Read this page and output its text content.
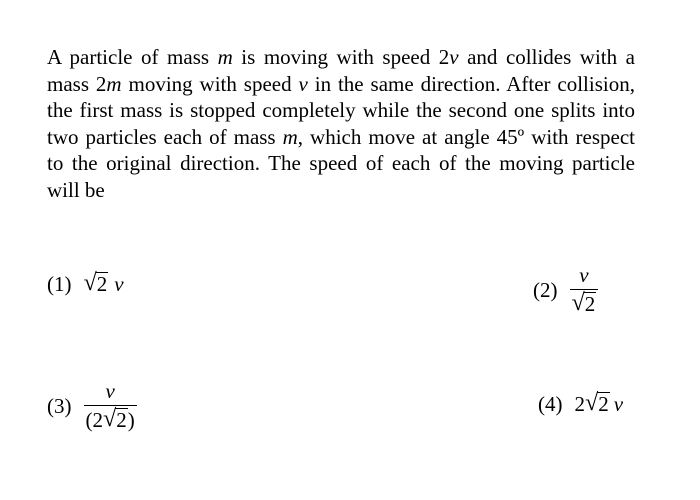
A particle of mass m is moving with speed 2v and collides with a mass 2m moving with speed v in the same direction. After collision, the first mass is stopped completely while the second one splits into two particles each of mass m, which move at angle 45º with respect to the original direction. The speed of each of the moving particle will be

(1) √ 2 v	$(2) \frac{v}{√ 2}$
$(3) \frac{v}{(2 √ 2 )}$	(4) 2 √ 2 v
